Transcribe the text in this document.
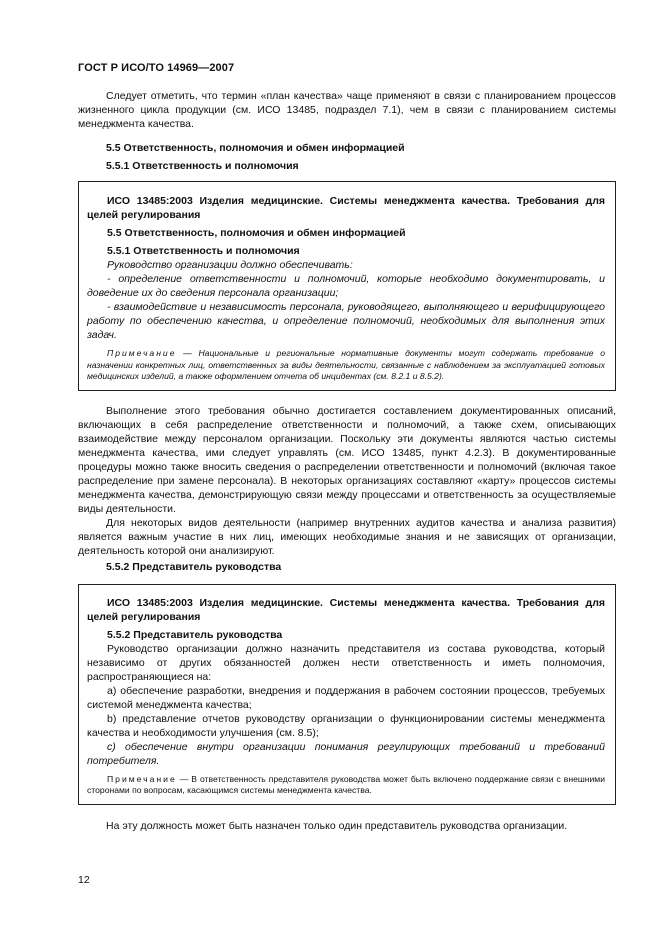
ГОСТ Р ИСО/ТО 14969—2007

Следует отметить, что термин «план качества» чаще применяют в связи с планированием процессов жизненного цикла продукции (см. ИСО 13485, подраздел 7.1), чем в связи с планированием системы менеджмента качества.

5.5 Ответственность, полномочия и обмен информацией

5.5.1 Ответственность и полномочия

ИСО 13485:2003 Изделия медицинские. Системы менеджмента качества. Требования для целей регулирования

5.5 Ответственность, полномочия и обмен информацией

5.5.1 Ответственность и полномочия

Руководство организации должно обеспечивать:

- определение ответственности и полномочий, которые необходимо документировать, и доведение их до сведения персонала организации;

- взаимодействие и независимость персонала, руководящего, выполняющего и верифицирующего работу по обеспечению качества, и определение полномочий, необходимых для выполнения этих задач.

Примечание — Национальные и региональные нормативные документы могут содержать требование о назначении конкретных лиц, ответственных за виды деятельности, связанные с наблюдением за эксплуатацией готовых медицинских изделий, а также оформлением отчета об инцидентах (см. 8.2.1 и 8.5.2).

Выполнение этого требования обычно достигается составлением документированных описаний, включающих в себя распределение ответственности и полномочий, а также схем, описывающих взаимодействие между персоналом организации. Поскольку эти документы являются частью системы менеджмента качества, ими следует управлять (см. ИСО 13485, пункт 4.2.3). В документированные процедуры можно также вносить сведения о распределении ответственности и полномочий (включая такое распределение при замене персонала). В некоторых организациях составляют «карту» процессов системы менеджмента качества, демонстрирующую связи между процессами и ответственность за осуществляемые виды деятельности.

Для некоторых видов деятельности (например внутренних аудитов качества и анализа развития) является важным участие в них лиц, имеющих необходимые знания и не зависящих от организации, деятельность которой они анализируют.

5.5.2 Представитель руководства

ИСО 13485:2003 Изделия медицинские. Системы менеджмента качества. Требования для целей регулирования

5.5.2 Представитель руководства

Руководство организации должно назначить представителя из состава руководства, который независимо от других обязанностей должен нести ответственность и иметь полномочия, распространяющиеся на:

a) обеспечение разработки, внедрения и поддержания в рабочем состоянии процессов, требуемых системой менеджмента качества;

b) представление отчетов руководству организации о функционировании системы менеджмента качества и необходимости улучшения (см. 8.5);

c) обеспечение внутри организации понимания регулирующих требований и требований потребителя.

Примечание — В ответственность представителя руководства может быть включено поддержание связи с внешними сторонами по вопросам, касающимся системы менеджмента качества.

На эту должность может быть назначен только один представитель руководства организации.

12
